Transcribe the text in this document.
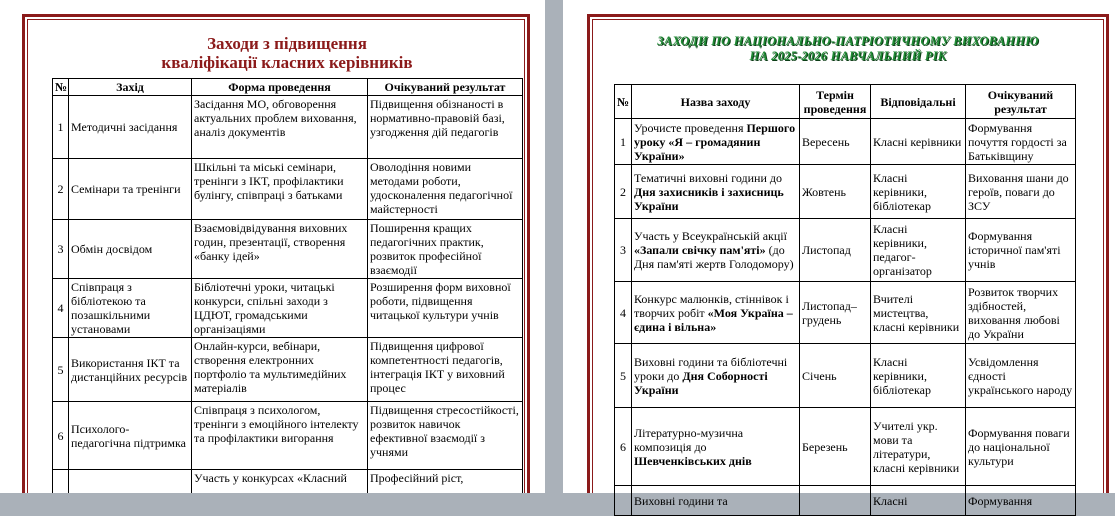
Заходи з підвищення
кваліфікації класних керівників
№	Захід	Форма проведення	Очікуваний результат
1	Методичні засідання	Засідання МО, обговорення актуальних проблем виховання, аналіз документів	Підвищення обізнаності в нормативно-правовій базі, узгодження дій педагогів
2	Семінари та тренінги	Шкільні та міські семінари, тренінги з ІКТ, профілактики булінгу, співпраці з батьками	Оволодіння новими методами роботи, удосконалення педагогічної майстерності
3	Обмін досвідом	Взаємовідвідування виховних годин, презентації, створення «банку ідей»	Поширення кращих педагогічних практик, розвиток професійної взаємодії
4	Співпраця з бібліотекою та позашкільними установами	Бібліотечні уроки, читацькі конкурси, спільні заходи з ЦДЮТ, громадськими організаціями	Розширення форм виховної роботи, підвищення читацької культури учнів
5	Використання ІКТ та дистанційних ресурсів	Онлайн-курси, вебінари, створення електронних портфоліо та мультимедійних матеріалів	Підвищення цифрової компетентності педагогів, інтеграція ІКТ у виховний процес
6	Психолого-педагогічна підтримка	Співпраця з психологом, тренінги з емоційного інтелекту та профілактики вигорання	Підвищення стресостійкості, розвиток навичок ефективної взаємодії з учнями
		Участь у конкурсах «Класний	Професійний ріст,
ЗАХОДИ ПО НАЦІОНАЛЬНО-ПАТРІОТИЧНОМУ ВИХОВАННЮ
НА 2025-2026 НАВЧАЛЬНИЙ РІК
№	Назва заходу	Термін проведення	Відповідальні	Очікуваний результат
1	Урочисте проведення Першого уроку «Я – громадянин України»	Вересень	Класні керівники	Формування почуття гордості за Батьківщину
2	Тематичні виховні години до Дня захисників і захисниць України	Жовтень	Класні керівники, бібліотекар	Виховання шани до героїв, поваги до ЗСУ
3	Участь у Всеукраїнській акції «Запали свічку пам'яті» (до Дня пам'яті жертв Голодомору)	Листопад	Класні керівники, педагог-організатор	Формування історичної пам'яті учнів
4	Конкурс малюнків, стіннівок і творчих робіт «Моя Україна – єдина і вільна»	Листопад–грудень	Вчителі мистецтва, класні керівники	Розвиток творчих здібностей, виховання любові до України
5	Виховні години та бібліотечні уроки до Дня Соборності України	Січень	Класні керівники, бібліотекар	Усвідомлення єдності українського народу
6	Літературно-музична композиція до Шевченківських днів	Березень	Учителі укр. мови та літератури, класні керівники	Формування поваги до національної культури
	Виховні години та		Класні	Формування
